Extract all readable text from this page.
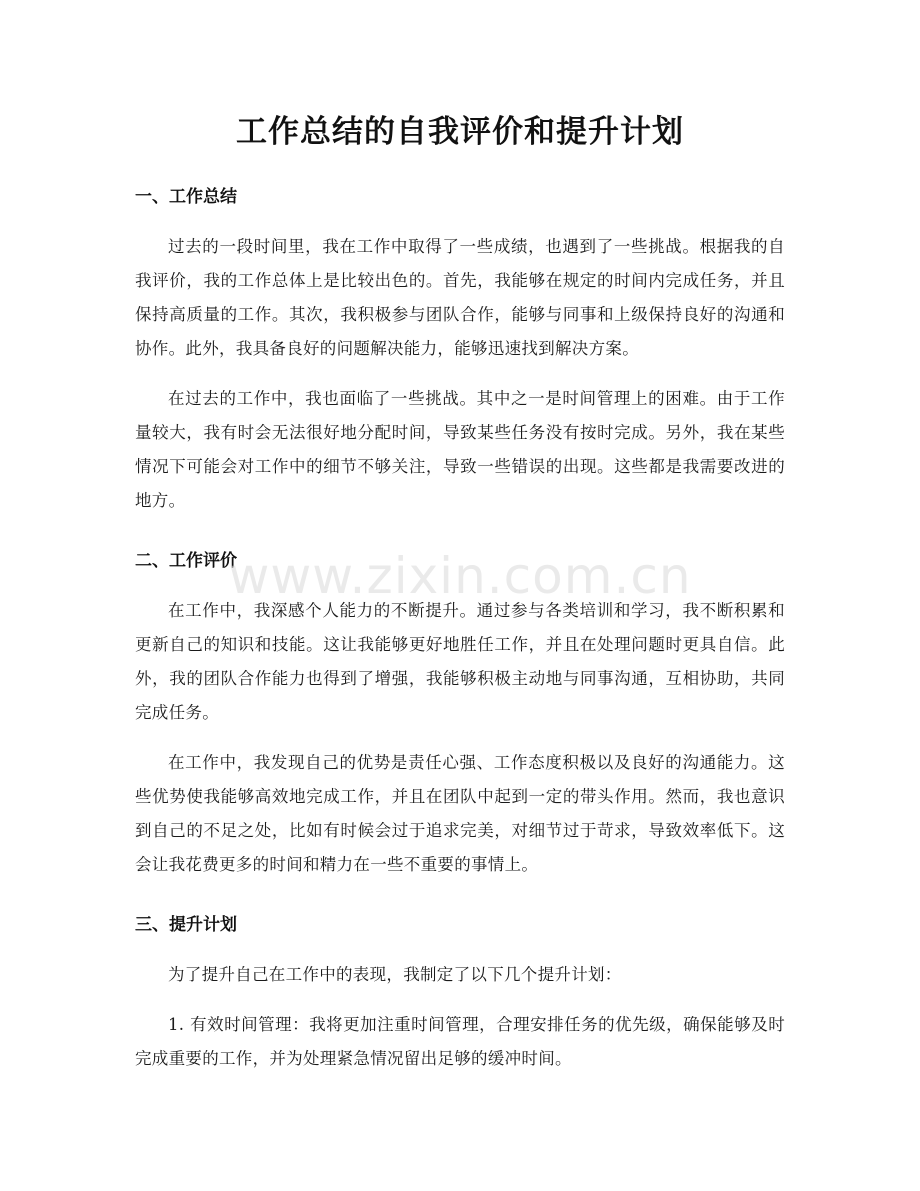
工作总结的自我评价和提升计划
一、工作总结

过去的一段时间里，我在工作中取得了一些成绩，也遇到了一些挑战。根据我的自我评价，我的工作总体上是比较出色的。首先，我能够在规定的时间内完成任务，并且保持高质量的工作。其次，我积极参与团队合作，能够与同事和上级保持良好的沟通和协作。此外，我具备良好的问题解决能力，能够迅速找到解决方案。

在过去的工作中，我也面临了一些挑战。其中之一是时间管理上的困难。由于工作量较大，我有时会无法很好地分配时间，导致某些任务没有按时完成。另外，我在某些情况下可能会对工作中的细节不够关注，导致一些错误的出现。这些都是我需要改进的地方。

二、工作评价

在工作中，我深感个人能力的不断提升。通过参与各类培训和学习，我不断积累和更新自己的知识和技能。这让我能够更好地胜任工作，并且在处理问题时更具自信。此外，我的团队合作能力也得到了增强，我能够积极主动地与同事沟通，互相协助，共同完成任务。

在工作中，我发现自己的优势是责任心强、工作态度积极以及良好的沟通能力。这些优势使我能够高效地完成工作，并且在团队中起到一定的带头作用。然而，我也意识到自己的不足之处，比如有时候会过于追求完美，对细节过于苛求，导致效率低下。这会让我花费更多的时间和精力在一些不重要的事情上。

三、提升计划

为了提升自己在工作中的表现，我制定了以下几个提升计划：

1. 有效时间管理：我将更加注重时间管理，合理安排任务的优先级，确保能够及时完成重要的工作，并为处理紧急情况留出足够的缓冲时间。

www.zixin.com.cn
